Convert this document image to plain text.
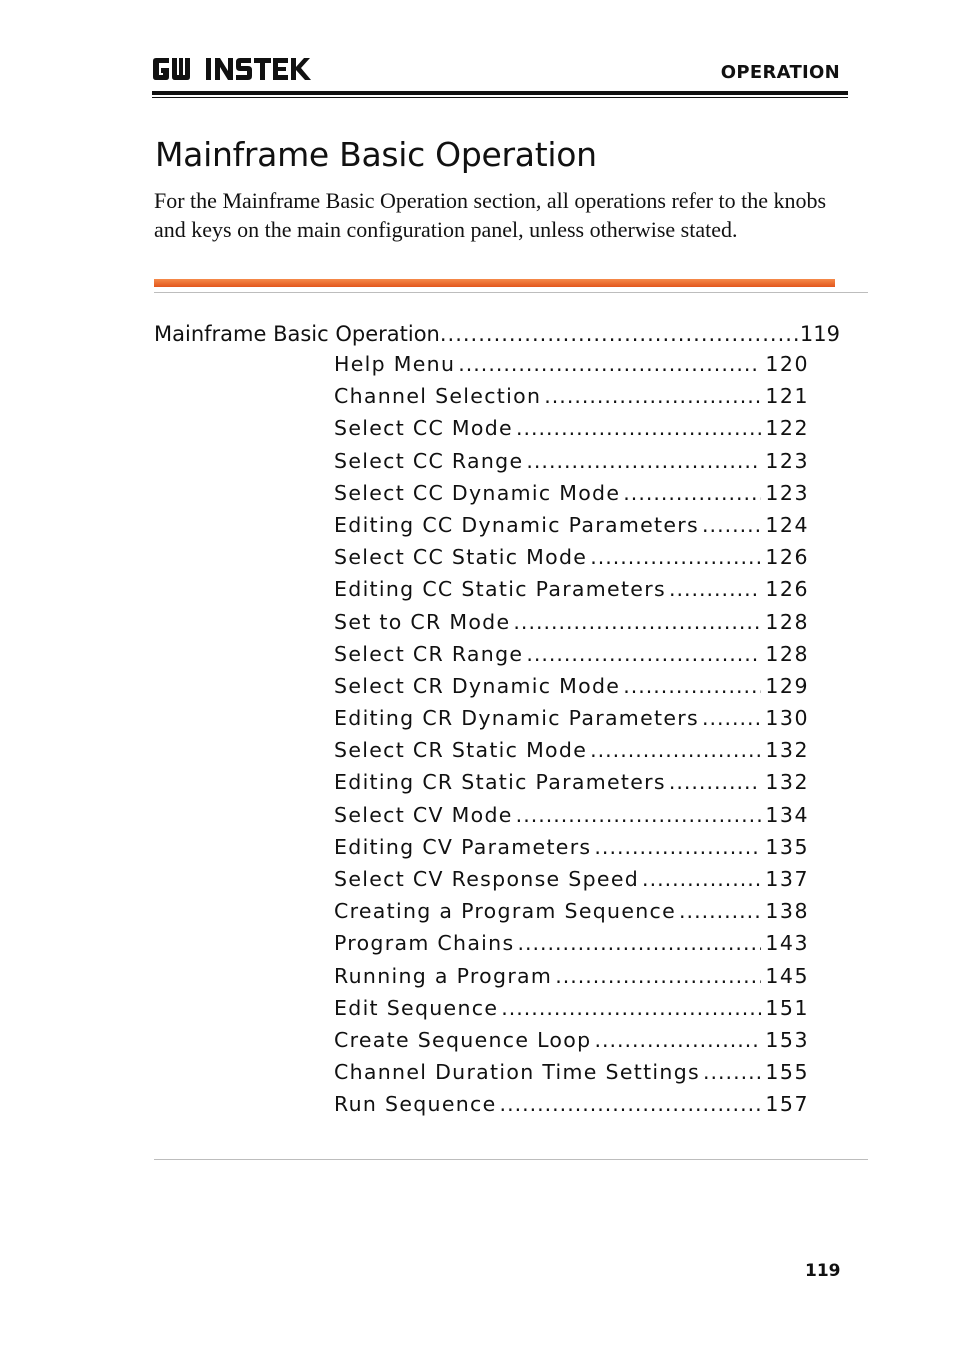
OPERATION
Mainframe Basic Operation

For the Mainframe Basic Operation section, all operations refer to the knobs and keys on the main configuration panel, unless otherwise stated.

Mainframe Basic Operation .....	119
Help Menu .....	120
Channel Selection .....	121
Select CC Mode .....	122
Select CC Range .....	123
Select CC Dynamic Mode .....	123
Editing CC Dynamic Parameters .....	124
Select CC Static Mode .....	126
Editing CC Static Parameters .....	126
Set to CR Mode .....	128
Select CR Range .....	128
Select CR Dynamic Mode .....	129
Editing CR Dynamic Parameters .....	130
Select CR Static Mode .....	132
Editing CR Static Parameters .....	132
Select CV Mode .....	134
Editing CV Parameters .....	135
Select CV Response Speed .....	137
Creating a Program Sequence .....	138
Program Chains .....	143
Running a Program .....	145
Edit Sequence .....	151
Create Sequence Loop .....	153
Channel Duration Time Settings .....	155
Run Sequence .....	157
119
